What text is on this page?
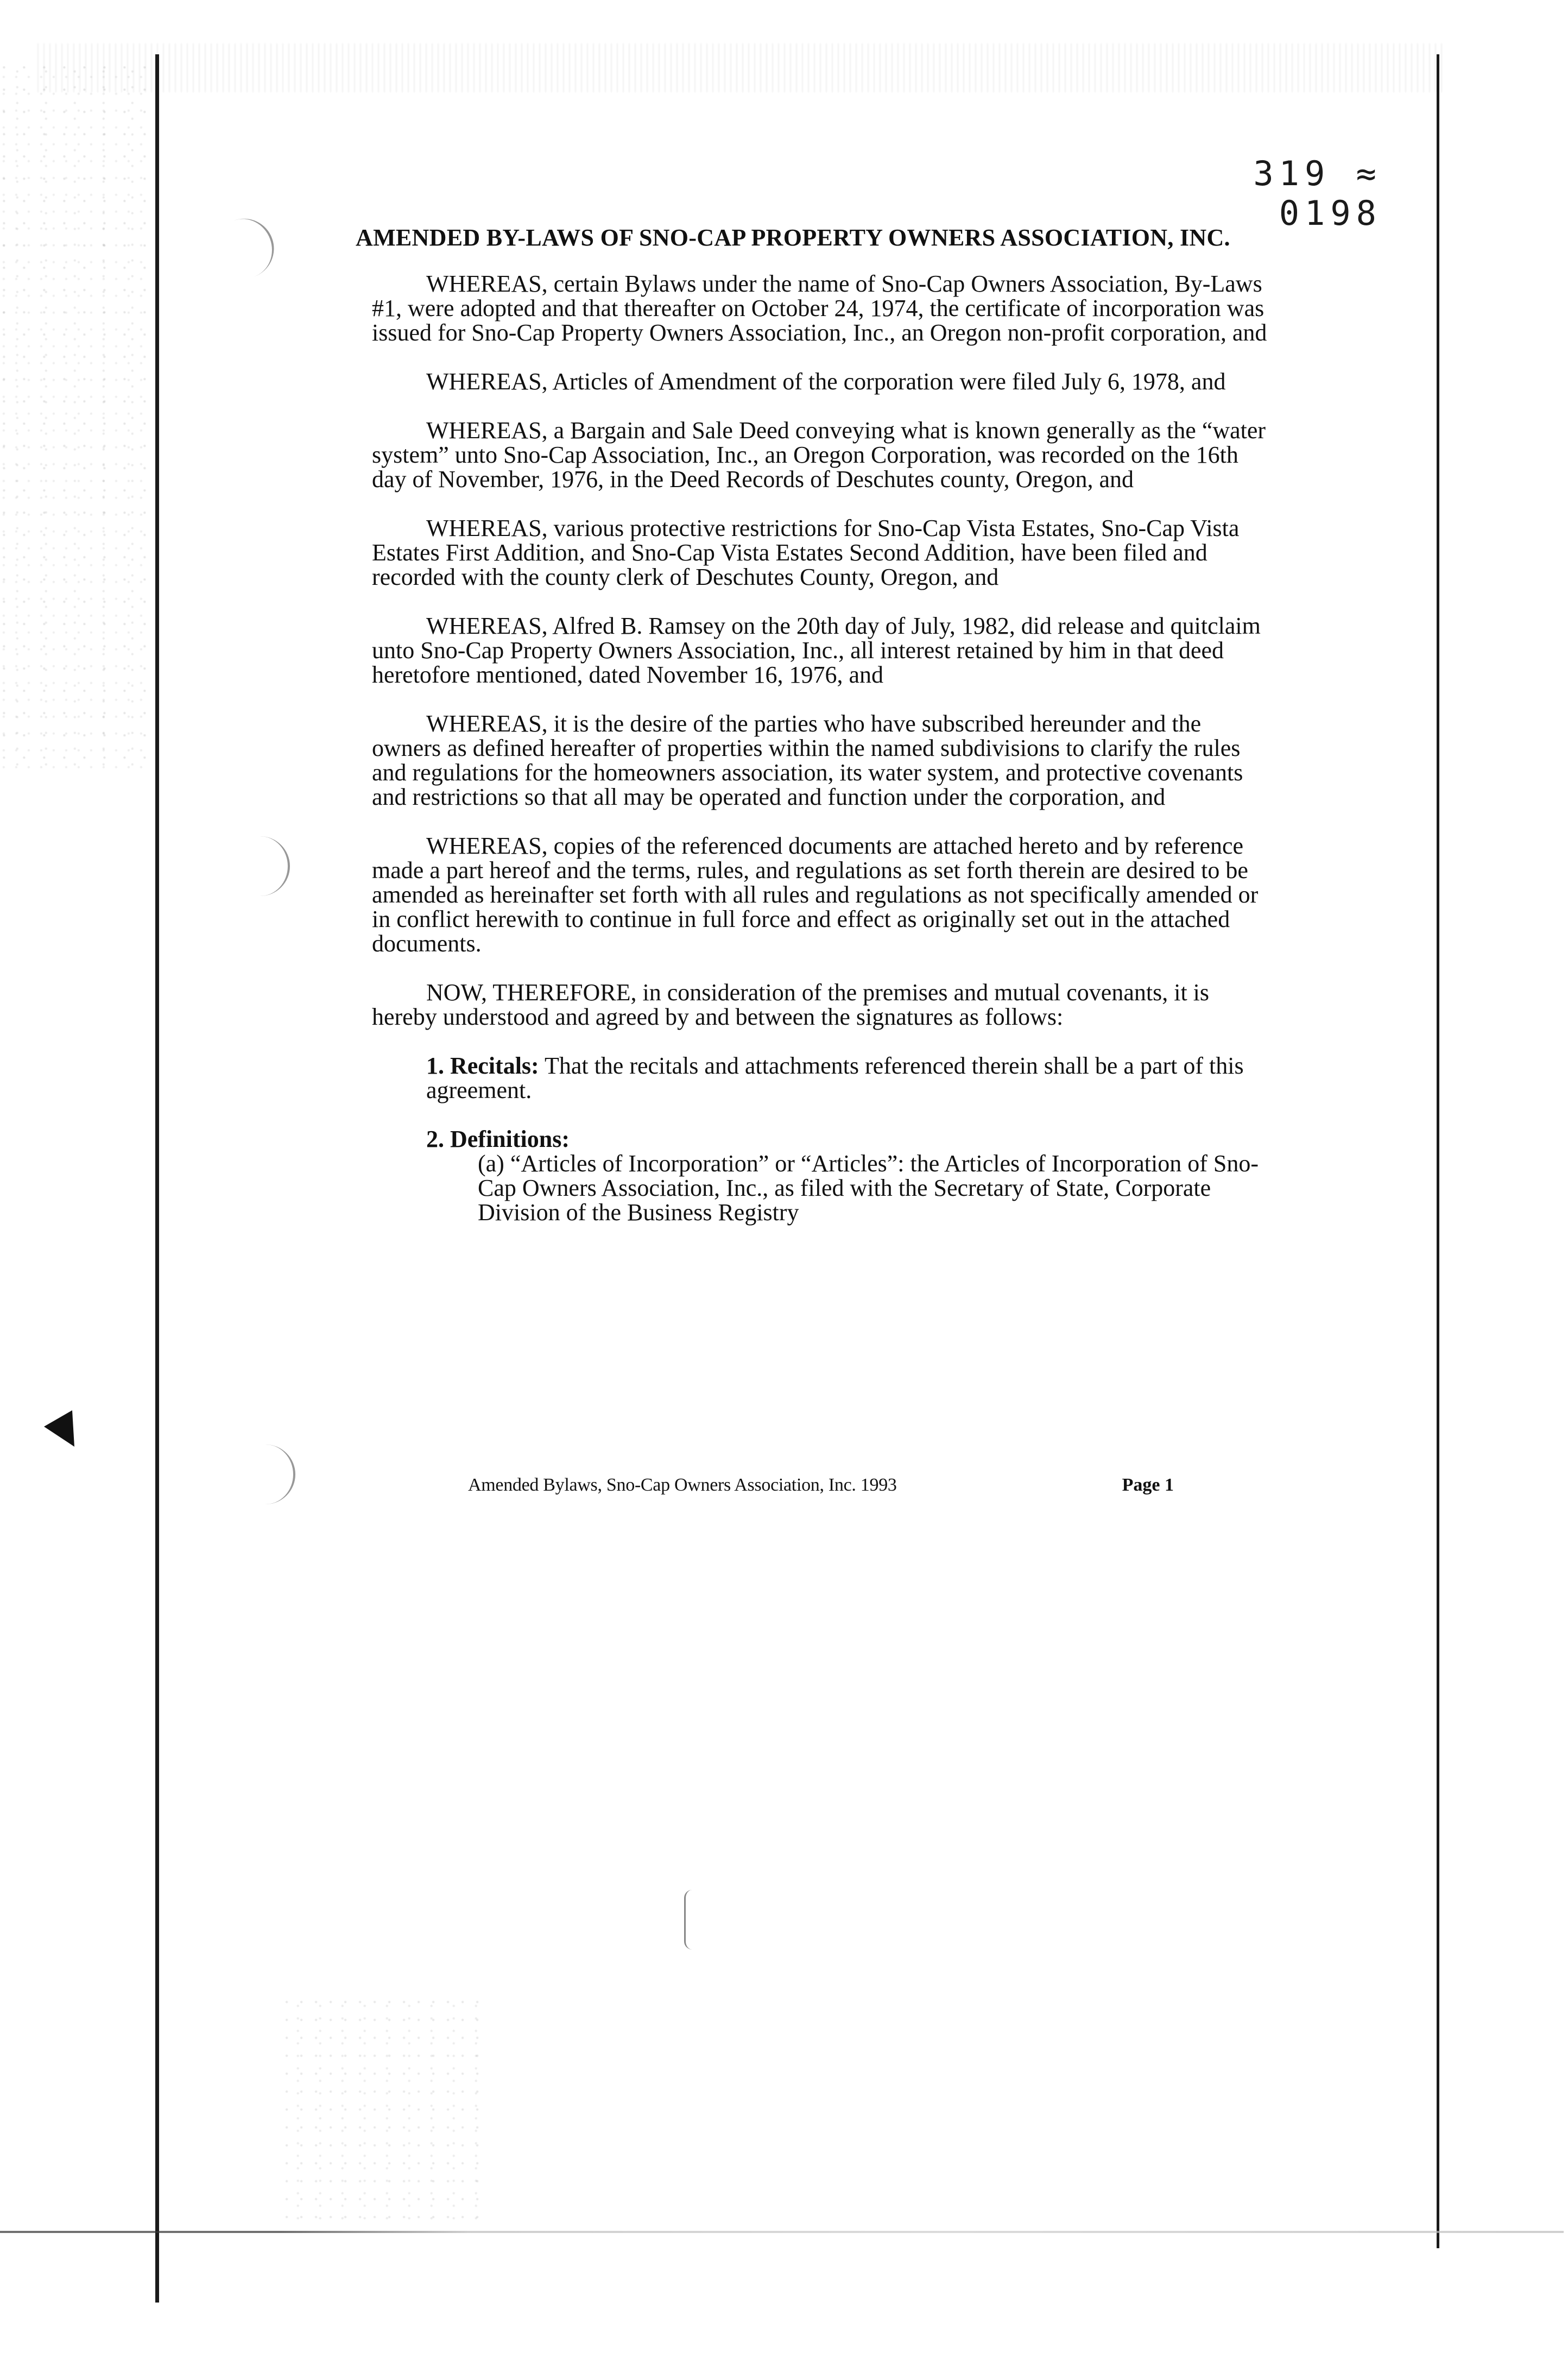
319 ≈ 0198
AMENDED BY-LAWS OF SNO-CAP PROPERTY OWNERS ASSOCIATION, INC.

WHEREAS, certain Bylaws under the name of Sno-Cap Owners Association, By-Laws #1, were adopted and that thereafter on October 24, 1974, the certificate of incorporation was issued for Sno-Cap Property Owners Association, Inc., an Oregon non-profit corporation, and

WHEREAS, Articles of Amendment of the corporation were filed July 6, 1978, and

WHEREAS, a Bargain and Sale Deed conveying what is known generally as the “water system” unto Sno-Cap Association, Inc., an Oregon Corporation, was recorded on the 16th day of November, 1976, in the Deed Records of Deschutes county, Oregon, and

WHEREAS, various protective restrictions for Sno-Cap Vista Estates, Sno-Cap Vista Estates First Addition, and Sno-Cap Vista Estates Second Addition, have been filed and recorded with the county clerk of Deschutes County, Oregon, and

WHEREAS, Alfred B. Ramsey on the 20th day of July, 1982, did release and quitclaim unto Sno-Cap Property Owners Association, Inc., all interest retained by him in that deed heretofore mentioned, dated November 16, 1976, and

WHEREAS, it is the desire of the parties who have subscribed hereunder and the owners as defined hereafter of properties within the named subdivisions to clarify the rules and regulations for the homeowners association, its water system, and protective covenants and restrictions so that all may be operated and function under the corporation, and

WHEREAS, copies of the referenced documents are attached hereto and by reference made a part hereof and the terms, rules, and regulations as set forth therein are desired to be amended as hereinafter set forth with all rules and regulations as not specifically amended or in conflict herewith to continue in full force and effect as originally set out in the attached documents.

NOW, THEREFORE, in consideration of the premises and mutual covenants, it is hereby understood and agreed by and between the signatures as follows:

1. Recitals: That the recitals and attachments referenced therein shall be a part of this agreement.

2. Definitions:
(a) “Articles of Incorporation” or “Articles”: the Articles of Incorporation of Sno-Cap Owners Association, Inc., as filed with the Secretary of State, Corporate Division of the Business Registry
Amended Bylaws, Sno-Cap Owners Association, Inc. 1993	Page 1
